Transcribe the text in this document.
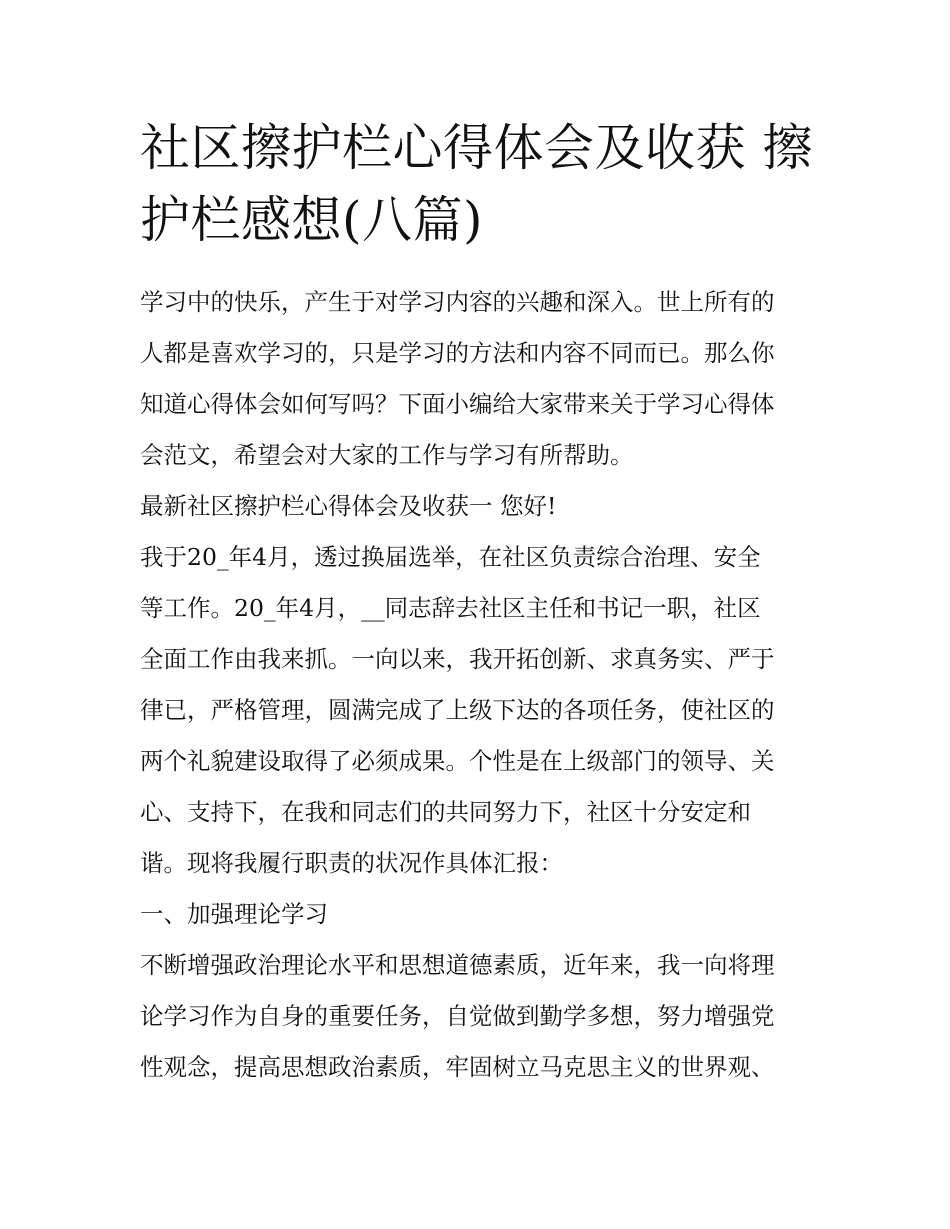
社区擦护栏心得体会及收获 擦护栏感想(八篇)

学习中的快乐，产生于对学习内容的兴趣和深入。世上所有的

人都是喜欢学习的，只是学习的方法和内容不同而已。那么你

知道心得体会如何写吗？下面小编给大家带来关于学习心得体

会范文，希望会对大家的工作与学习有所帮助。

最新社区擦护栏心得体会及收获一 您好!

我于20_年4月，透过换届选举，在社区负责综合治理、安全

等工作。20_年4月，__同志辞去社区主任和书记一职，社区

全面工作由我来抓。一向以来，我开拓创新、求真务实、严于

律已，严格管理，圆满完成了上级下达的各项任务，使社区的

两个礼貌建设取得了必须成果。个性是在上级部门的领导、关

心、支持下，在我和同志们的共同努力下，社区十分安定和

谐。现将我履行职责的状况作具体汇报：

一、加强理论学习

不断增强政治理论水平和思想道德素质，近年来，我一向将理

论学习作为自身的重要任务，自觉做到勤学多想，努力增强党

性观念，提高思想政治素质，牢固树立马克思主义的世界观、
